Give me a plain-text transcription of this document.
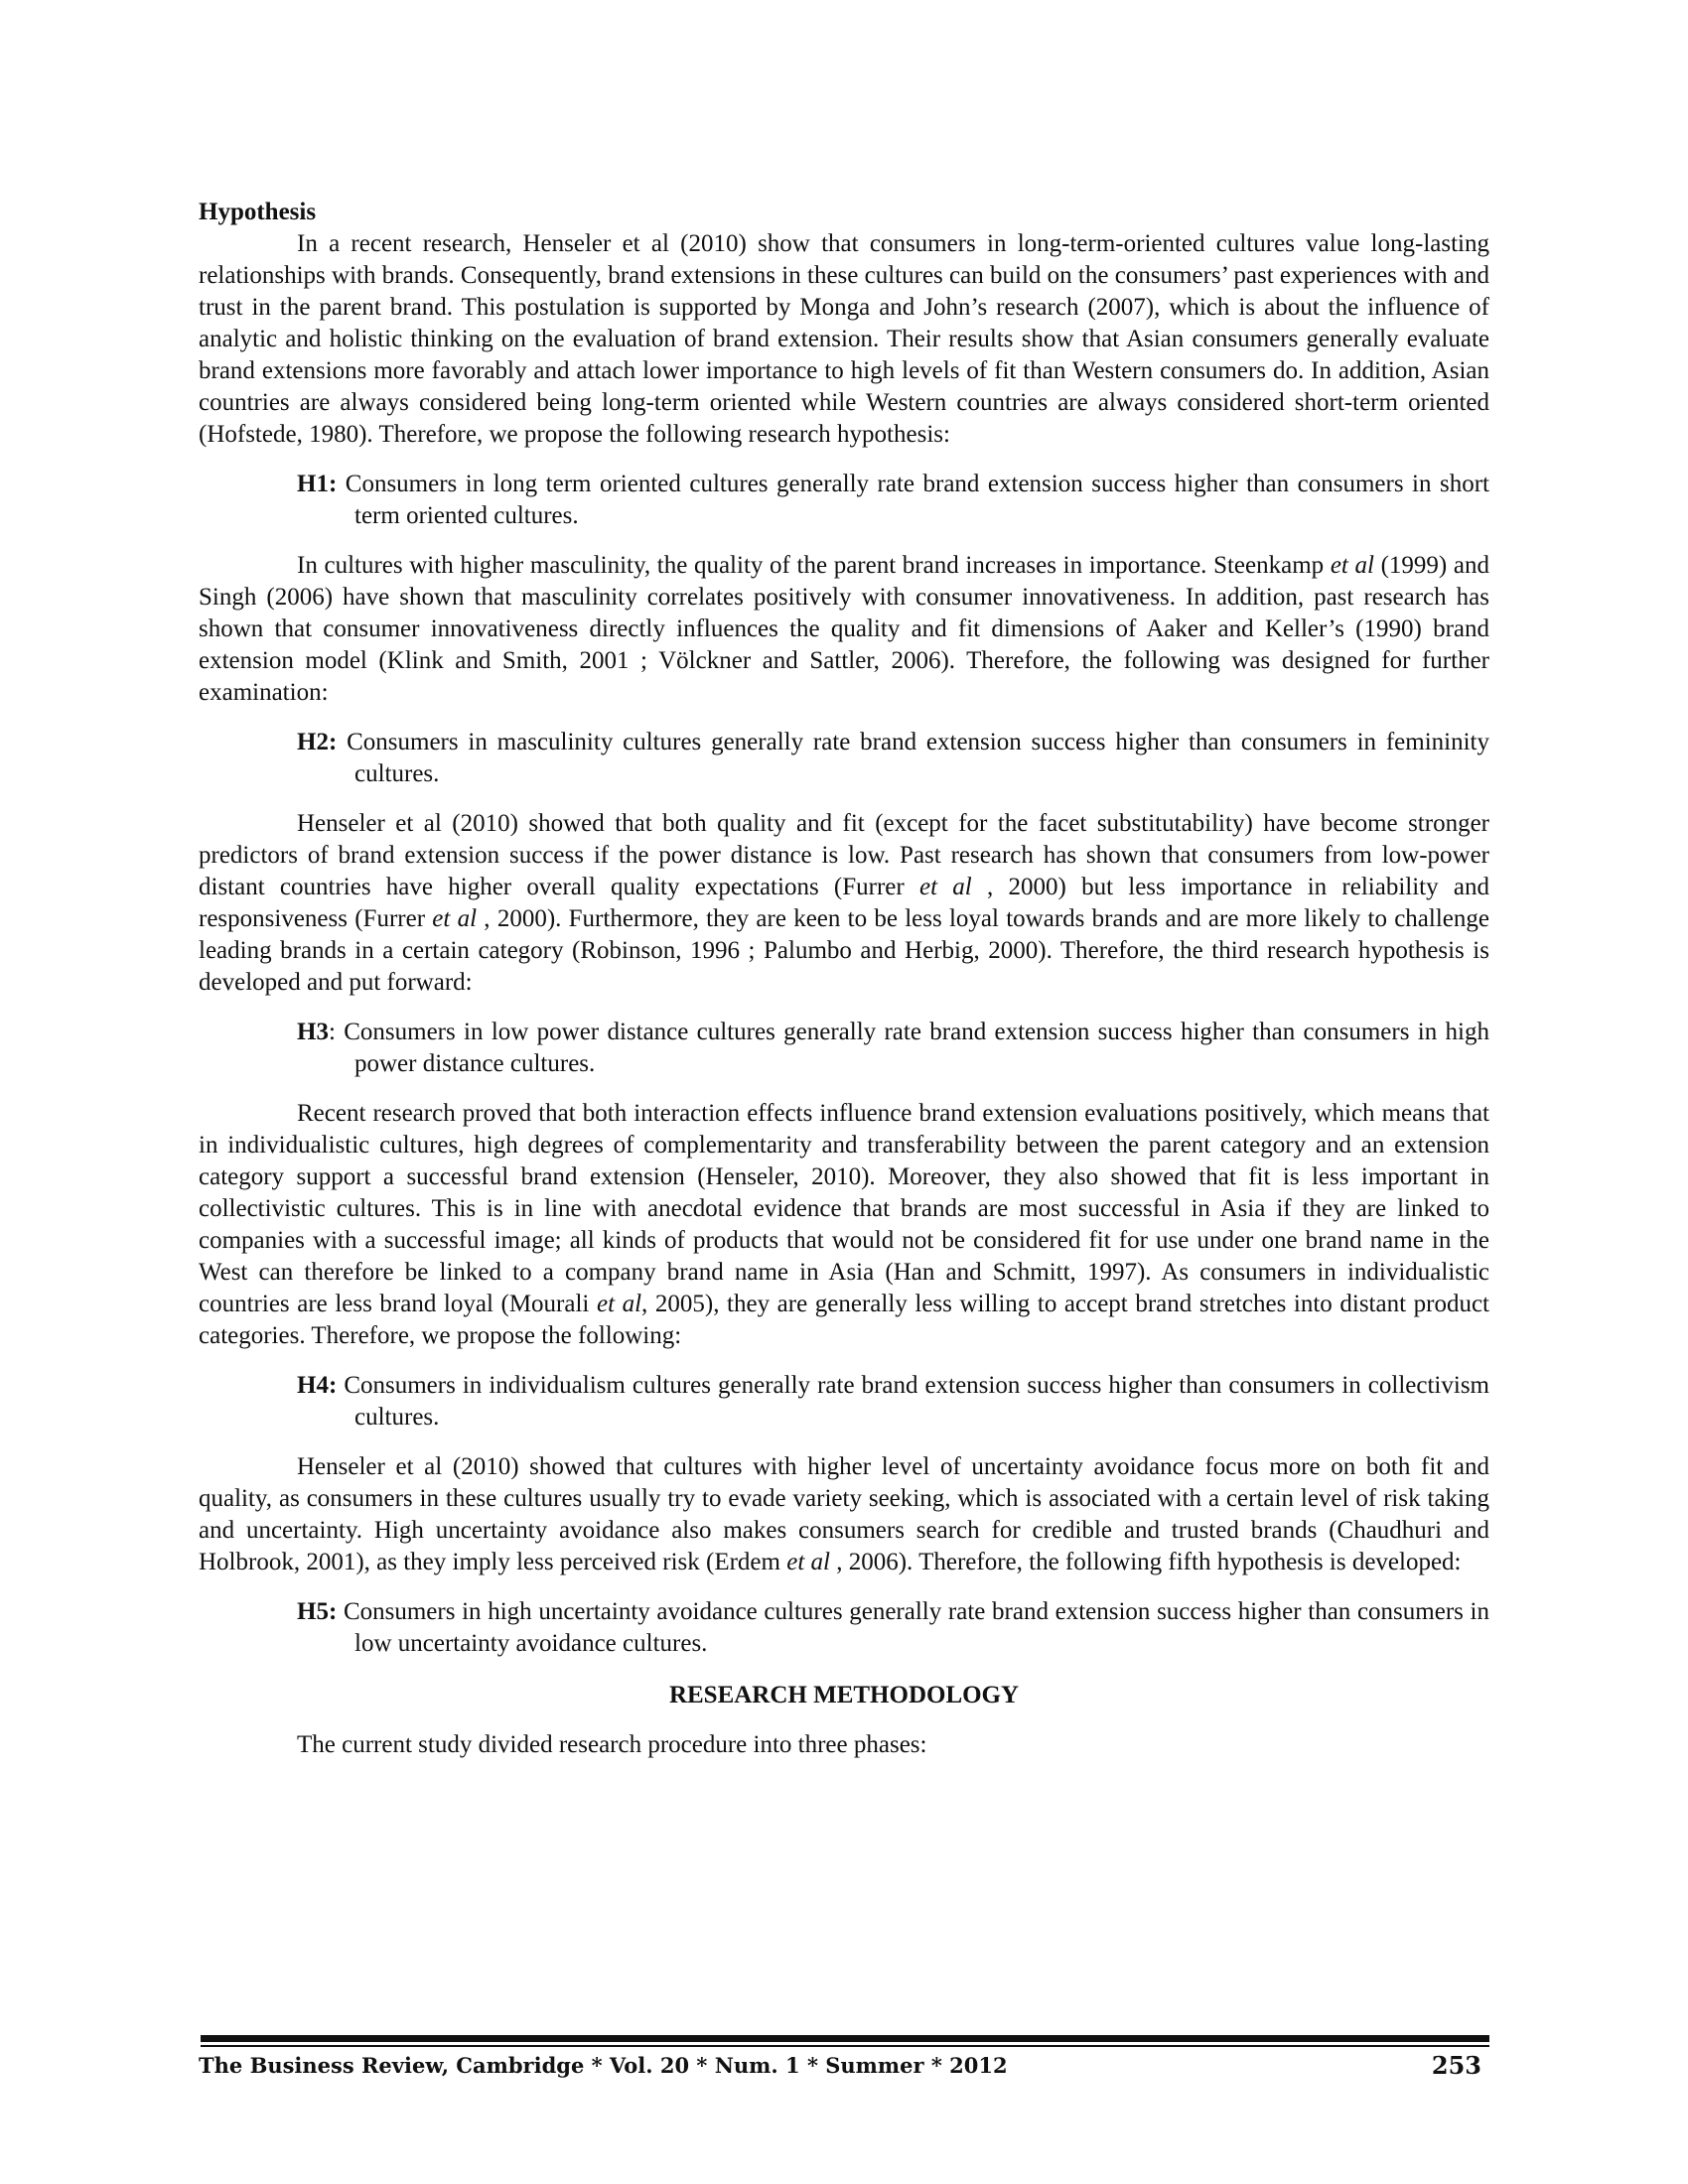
Hypothesis

In a recent research, Henseler et al (2010) show that consumers in long-term-oriented cultures value long-lasting relationships with brands. Consequently, brand extensions in these cultures can build on the consumers’ past experiences with and trust in the parent brand. This postulation is supported by Monga and John’s research (2007), which is about the influence of analytic and holistic thinking on the evaluation of brand extension. Their results show that Asian consumers generally evaluate brand extensions more favorably and attach lower importance to high levels of fit than Western consumers do. In addition, Asian countries are always considered being long-term oriented while Western countries are always considered short-term oriented (Hofstede, 1980). Therefore, we propose the following research hypothesis:

H1: Consumers in long term oriented cultures generally rate brand extension success higher than consumers in short term oriented cultures.

In cultures with higher masculinity, the quality of the parent brand increases in importance. Steenkamp et al (1999) and Singh (2006) have shown that masculinity correlates positively with consumer innovativeness. In addition, past research has shown that consumer innovativeness directly influences the quality and fit dimensions of Aaker and Keller’s (1990) brand extension model (Klink and Smith, 2001 ; Völckner and Sattler, 2006). Therefore, the following was designed for further examination:

H2: Consumers in masculinity cultures generally rate brand extension success higher than consumers in femininity cultures.

Henseler et al (2010) showed that both quality and fit (except for the facet substitutability) have become stronger predictors of brand extension success if the power distance is low. Past research has shown that consumers from low-power distant countries have higher overall quality expectations (Furrer et al , 2000) but less importance in reliability and responsiveness (Furrer et al , 2000). Furthermore, they are keen to be less loyal towards brands and are more likely to challenge leading brands in a certain category (Robinson, 1996 ; Palumbo and Herbig, 2000). Therefore, the third research hypothesis is developed and put forward:

H3: Consumers in low power distance cultures generally rate brand extension success higher than consumers in high power distance cultures.

Recent research proved that both interaction effects influence brand extension evaluations positively, which means that in individualistic cultures, high degrees of complementarity and transferability between the parent category and an extension category support a successful brand extension (Henseler, 2010). Moreover, they also showed that fit is less important in collectivistic cultures. This is in line with anecdotal evidence that brands are most successful in Asia if they are linked to companies with a successful image; all kinds of products that would not be considered fit for use under one brand name in the West can therefore be linked to a company brand name in Asia (Han and Schmitt, 1997). As consumers in individualistic countries are less brand loyal (Mourali et al, 2005), they are generally less willing to accept brand stretches into distant product categories. Therefore, we propose the following:

H4: Consumers in individualism cultures generally rate brand extension success higher than consumers in collectivism cultures.

Henseler et al (2010) showed that cultures with higher level of uncertainty avoidance focus more on both fit and quality, as consumers in these cultures usually try to evade variety seeking, which is associated with a certain level of risk taking and uncertainty. High uncertainty avoidance also makes consumers search for credible and trusted brands (Chaudhuri and Holbrook, 2001), as they imply less perceived risk (Erdem et al , 2006). Therefore, the following fifth hypothesis is developed:

H5: Consumers in high uncertainty avoidance cultures generally rate brand extension success higher than consumers in low uncertainty avoidance cultures.
RESEARCH METHODOLOGY

The current study divided research procedure into three phases:

The Business Review, Cambridge * Vol. 20 * Num. 1 * Summer * 2012	253
